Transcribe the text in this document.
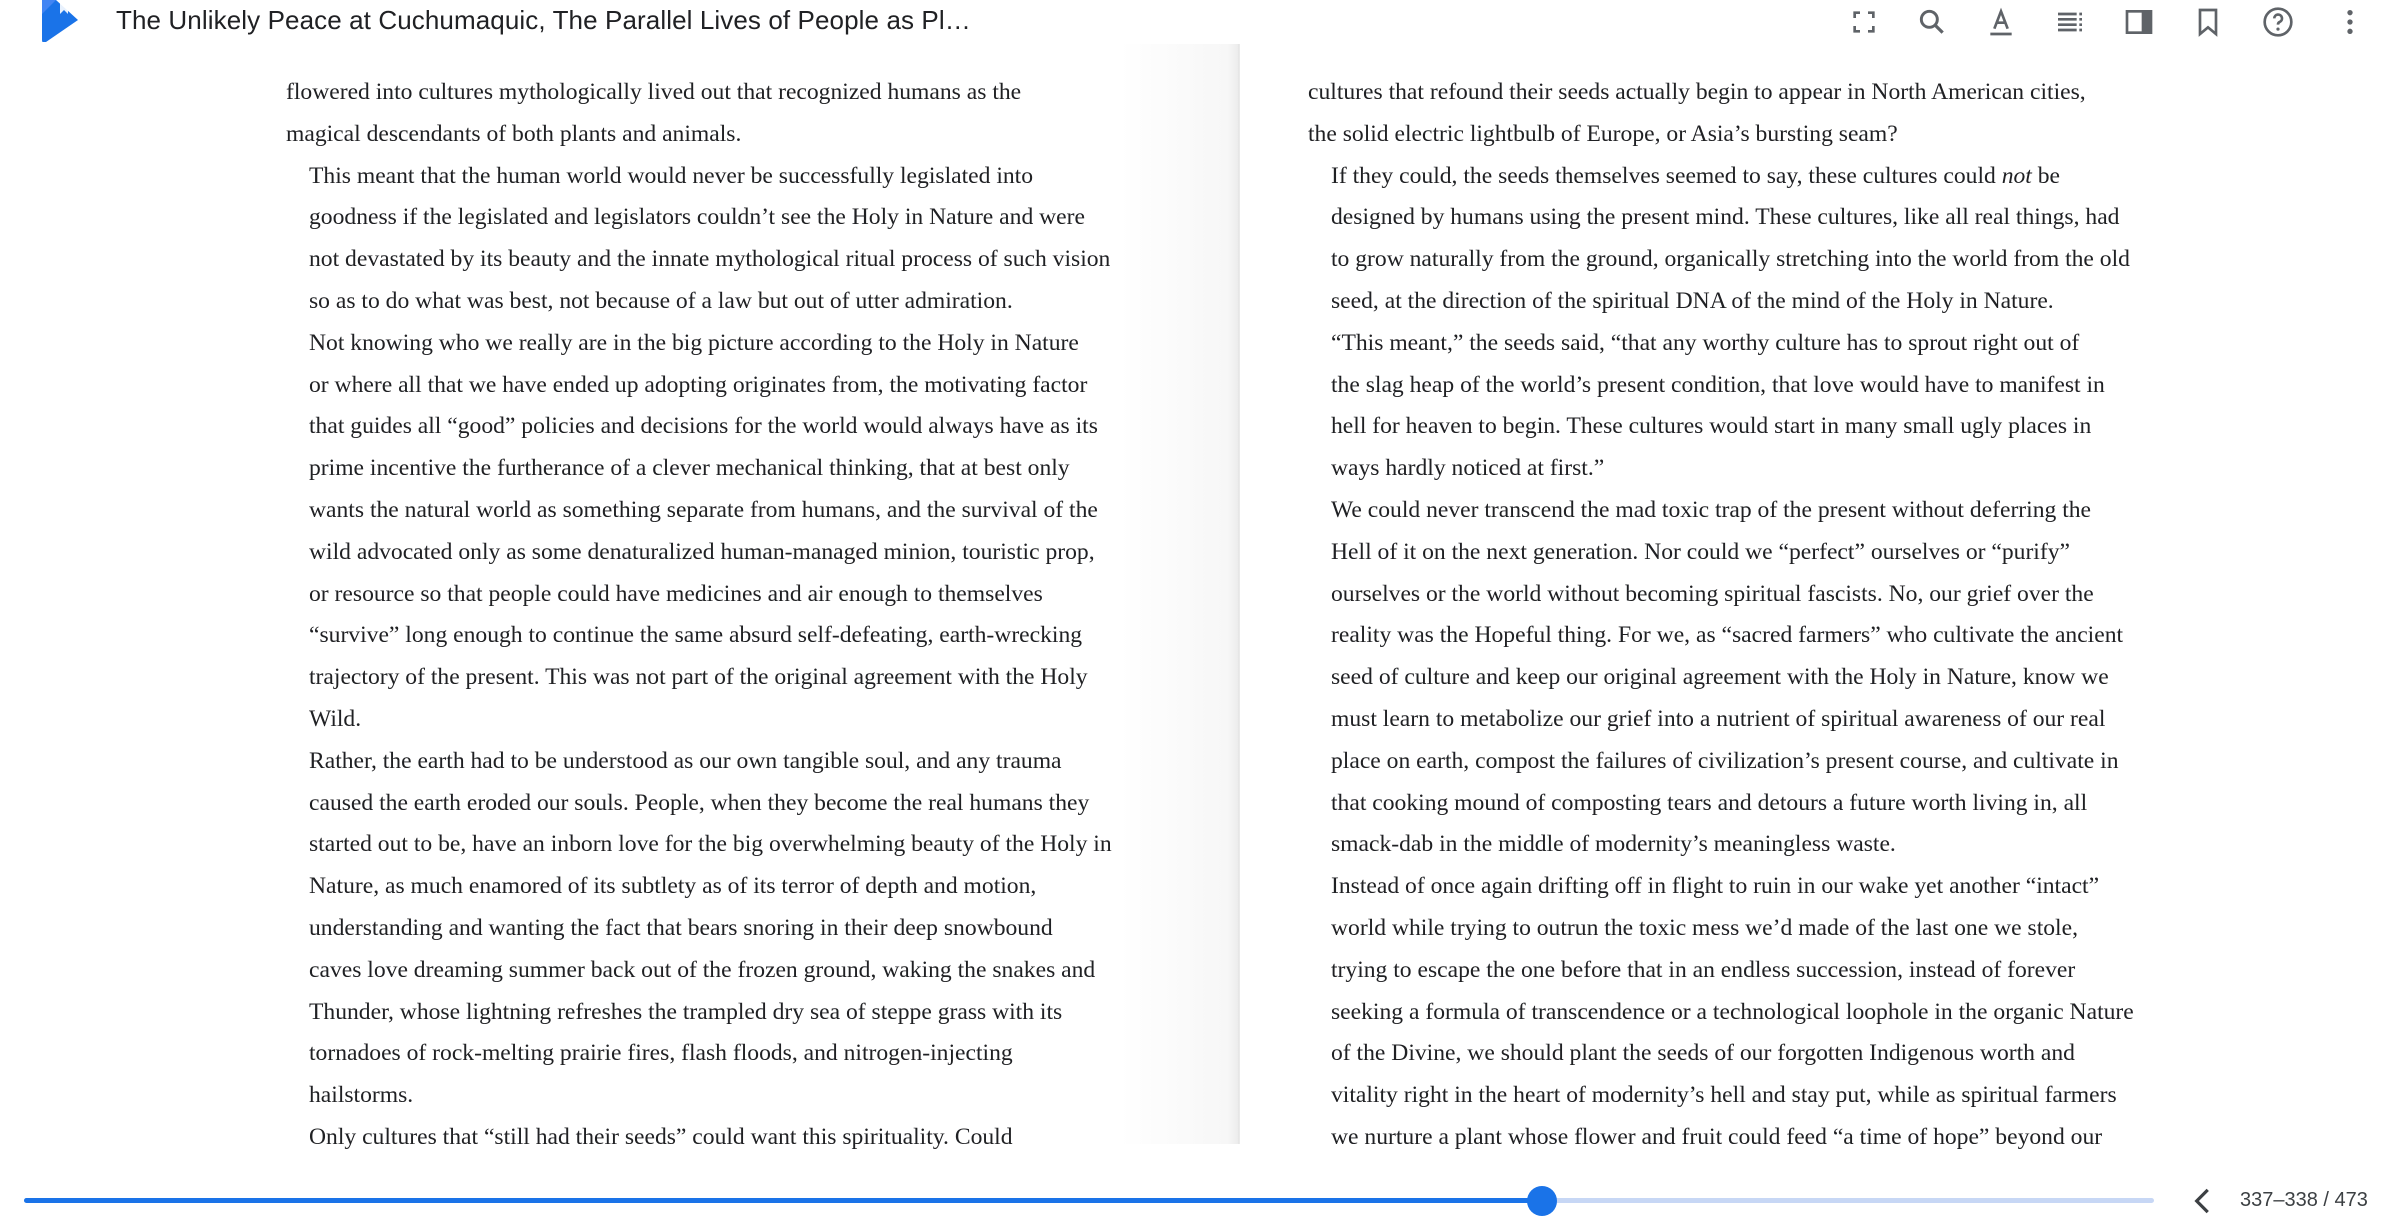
The Unlikely Peace at Cuchumaquic, The Parallel Lives of People as Pl…

flowered into cultures mythologically lived out that recognized humans as the
magical descendants of both plants and animals.

This meant that the human world would never be successfully legislated into
goodness if the legislated and legislators couldn’t see the Holy in Nature and were
not devastated by its beauty and the innate mythological ritual process of such vision
so as to do what was best, not because of a law but out of utter admiration.

Not knowing who we really are in the big picture according to the Holy in Nature
or where all that we have ended up adopting originates from, the motivating factor
that guides all “good” policies and decisions for the world would always have as its
prime incentive the furtherance of a clever mechanical thinking, that at best only
wants the natural world as something separate from humans, and the survival of the
wild advocated only as some denaturalized human-managed minion, touristic prop,
or resource so that people could have medicines and air enough to themselves
“survive” long enough to continue the same absurd self-defeating, earth-wrecking
trajectory of the present. This was not part of the original agreement with the Holy
Wild.

Rather, the earth had to be understood as our own tangible soul, and any trauma
caused the earth eroded our souls. People, when they become the real humans they
started out to be, have an inborn love for the big overwhelming beauty of the Holy in
Nature, as much enamored of its subtlety as of its terror of depth and motion,
understanding and wanting the fact that bears snoring in their deep snowbound
caves love dreaming summer back out of the frozen ground, waking the snakes and
Thunder, whose lightning refreshes the trampled dry sea of steppe grass with its
tornadoes of rock-melting prairie fires, flash floods, and nitrogen-injecting
hailstorms.

Only cultures that “still had their seeds” could want this spirituality. Could

cultures that refound their seeds actually begin to appear in North American cities,
the solid electric lightbulb of Europe, or Asia’s bursting seam?

If they could, the seeds themselves seemed to say, these cultures could not be
designed by humans using the present mind. These cultures, like all real things, had
to grow naturally from the ground, organically stretching into the world from the old
seed, at the direction of the spiritual DNA of the mind of the Holy in Nature.

“This meant,” the seeds said, “that any worthy culture has to sprout right out of
the slag heap of the world’s present condition, that love would have to manifest in
hell for heaven to begin. These cultures would start in many small ugly places in
ways hardly noticed at first.”

We could never transcend the mad toxic trap of the present without deferring the
Hell of it on the next generation. Nor could we “perfect” ourselves or “purify”
ourselves or the world without becoming spiritual fascists. No, our grief over the
reality was the Hopeful thing. For we, as “sacred farmers” who cultivate the ancient
seed of culture and keep our original agreement with the Holy in Nature, know we
must learn to metabolize our grief into a nutrient of spiritual awareness of our real
place on earth, compost the failures of civilization’s present course, and cultivate in
that cooking mound of composting tears and detours a future worth living in, all
smack-dab in the middle of modernity’s meaningless waste.

Instead of once again drifting off in flight to ruin in our wake yet another “intact”
world while trying to outrun the toxic mess we’d made of the last one we stole,
trying to escape the one before that in an endless succession, instead of forever
seeking a formula of transcendence or a technological loophole in the organic Nature
of the Divine, we should plant the seeds of our forgotten Indigenous worth and
vitality right in the heart of modernity’s hell and stay put, while as spiritual farmers
we nurture a plant whose flower and fruit could feed “a time of hope” beyond our

337–338 / 473
